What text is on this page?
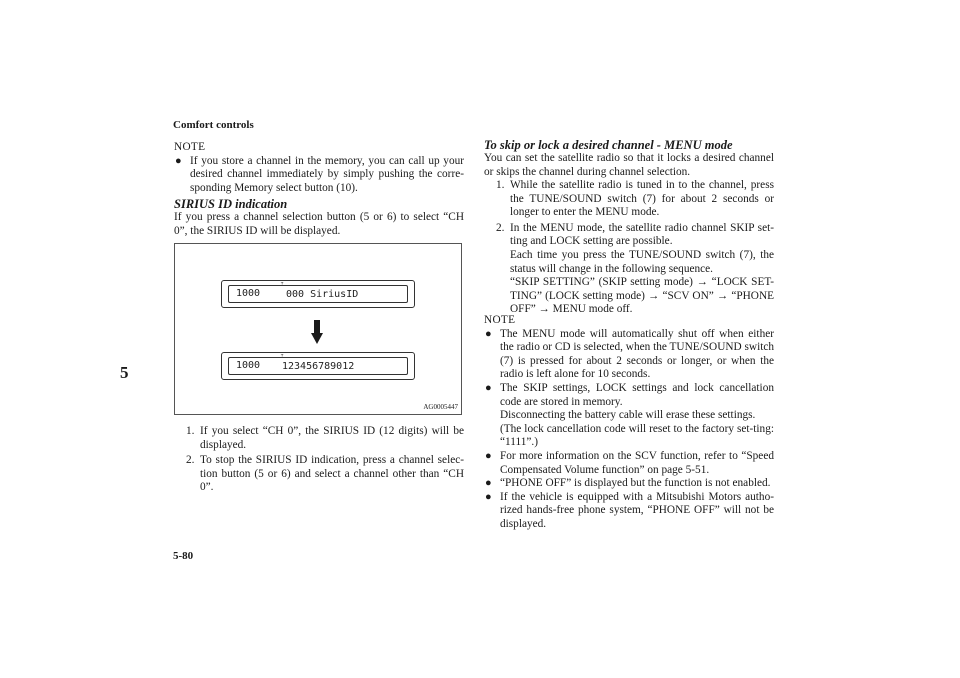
Comfort controls
5
NOTE
● If you store a channel in the memory, you can call up your desired channel immediately by simply pushing the corre-sponding Memory select button (10).
SIRIUS ID indication

If you press a channel selection button (5 or 6) to select “CH 0”, the SIRIUS ID will be displayed.

1000	000 SiriusID
ᵀ
1000 123456789012
ᵀ
AG0005447
1. If you select “CH 0”, the SIRIUS ID (12 digits) will be displayed.
2. To stop the SIRIUS ID indication, press a channel selec-tion button (5 or 6) and select a channel other than “CH 0”.
To skip or lock a desired channel - MENU mode

You can set the satellite radio so that it locks a desired channel or skips the channel during channel selection.

1. While the satellite radio is tuned in to the channel, press the TUNE/SOUND switch (7) for about 2 seconds or longer to enter the MENU mode.
2. In the MENU mode, the satellite radio channel SKIP set-ting and LOCK setting are possible.
Each time you press the TUNE/SOUND switch (7), the status will change in the following sequence.
“SKIP SETTING” (SKIP setting mode) → “LOCK SET-TING” (LOCK setting mode) → “SCV ON” → “PHONE OFF” → MENU mode off.
NOTE
● The MENU mode will automatically shut off when either the radio or CD is selected, when the TUNE/SOUND switch (7) is pressed for about 2 seconds or longer, or when the radio is left alone for 10 seconds.
● The SKIP settings, LOCK settings and lock cancellation code are stored in memory.
Disconnecting the battery cable will erase these settings.
(The lock cancellation code will reset to the factory set-ting: “1111”.)
● For more information on the SCV function, refer to “Speed Compensated Volume function” on page 5-51.
● “PHONE OFF” is displayed but the function is not enabled.
● If the vehicle is equipped with a Mitsubishi Motors autho-rized hands-free phone system, “PHONE OFF” will not be displayed.
5-80
